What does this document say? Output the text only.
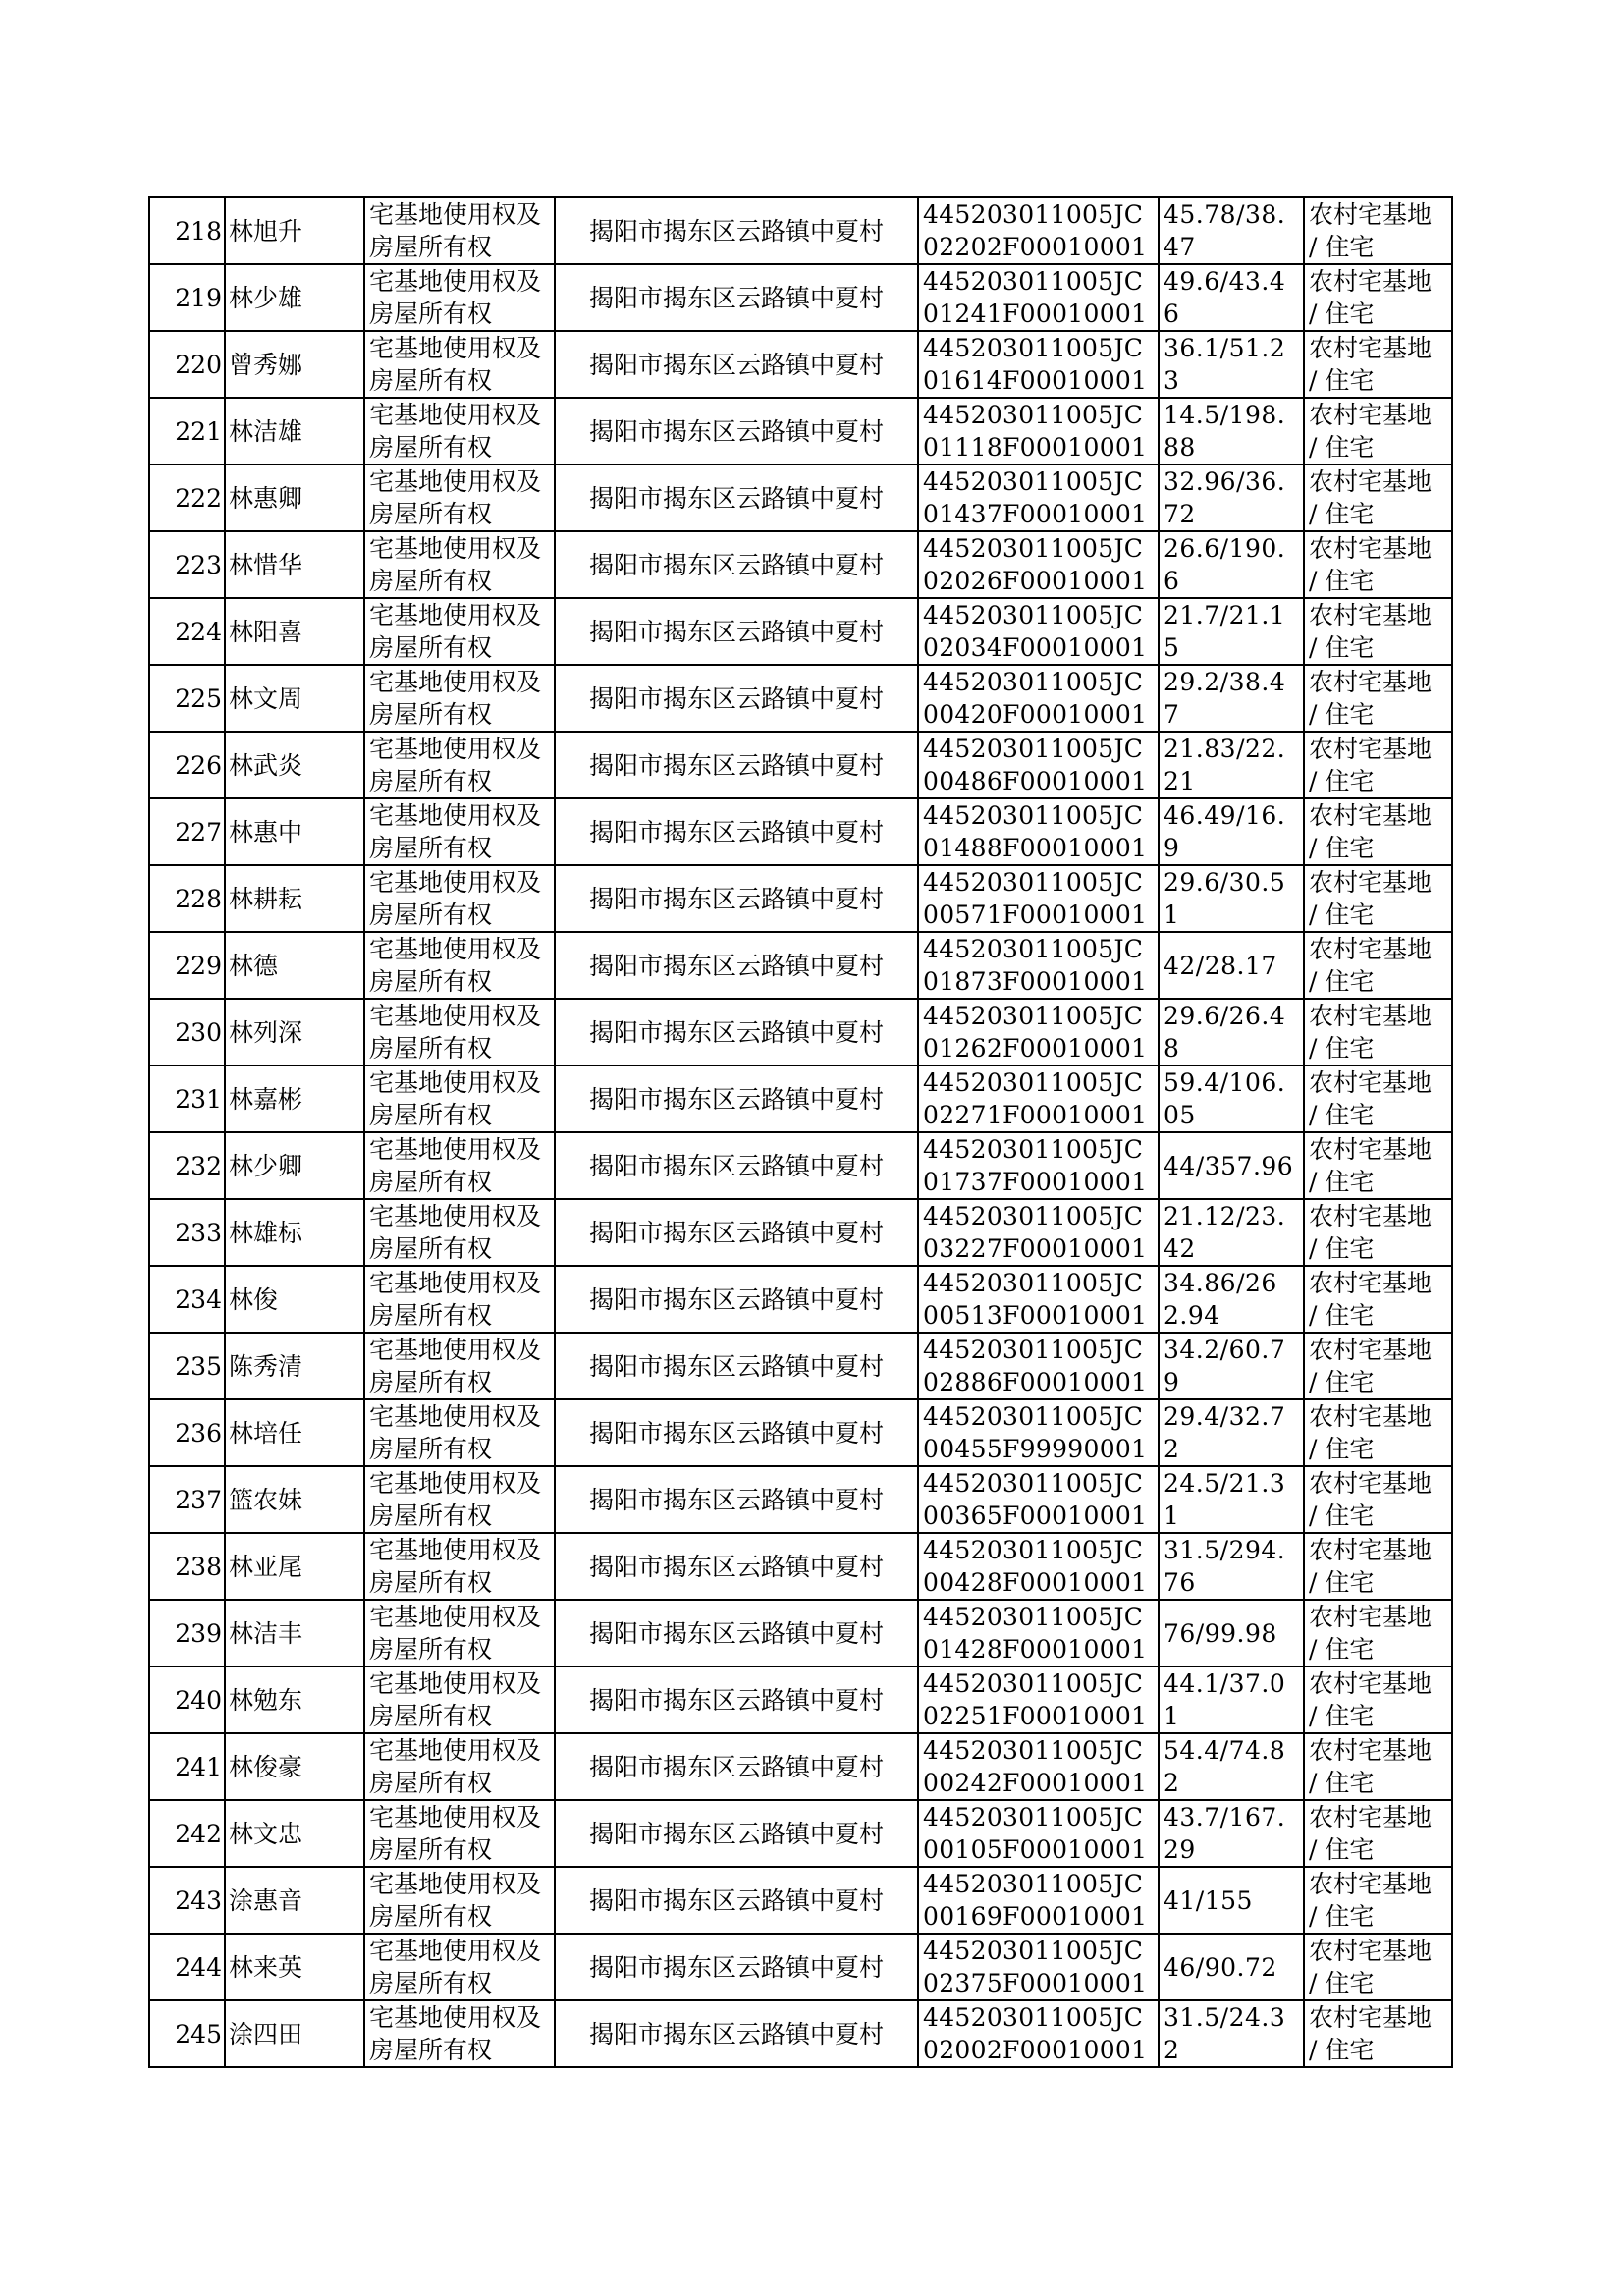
218	林旭升	宅基地使用权及房屋所有权	揭阳市揭东区云路镇中夏村	445203011005JC02202F00010001	45.78/38.47	农村宅基地 / 住宅
219	林少雄	宅基地使用权及房屋所有权	揭阳市揭东区云路镇中夏村	445203011005JC01241F00010001	49.6/43.46	农村宅基地 / 住宅
220	曾秀娜	宅基地使用权及房屋所有权	揭阳市揭东区云路镇中夏村	445203011005JC01614F00010001	36.1/51.23	农村宅基地 / 住宅
221	林洁雄	宅基地使用权及房屋所有权	揭阳市揭东区云路镇中夏村	445203011005JC01118F00010001	14.5/198.88	农村宅基地 / 住宅
222	林惠卿	宅基地使用权及房屋所有权	揭阳市揭东区云路镇中夏村	445203011005JC01437F00010001	32.96/36.72	农村宅基地 / 住宅
223	林惜华	宅基地使用权及房屋所有权	揭阳市揭东区云路镇中夏村	445203011005JC02026F00010001	26.6/190.6	农村宅基地 / 住宅
224	林阳喜	宅基地使用权及房屋所有权	揭阳市揭东区云路镇中夏村	445203011005JC02034F00010001	21.7/21.15	农村宅基地 / 住宅
225	林文周	宅基地使用权及房屋所有权	揭阳市揭东区云路镇中夏村	445203011005JC00420F00010001	29.2/38.47	农村宅基地 / 住宅
226	林武炎	宅基地使用权及房屋所有权	揭阳市揭东区云路镇中夏村	445203011005JC00486F00010001	21.83/22.21	农村宅基地 / 住宅
227	林惠中	宅基地使用权及房屋所有权	揭阳市揭东区云路镇中夏村	445203011005JC01488F00010001	46.49/16.9	农村宅基地 / 住宅
228	林耕耘	宅基地使用权及房屋所有权	揭阳市揭东区云路镇中夏村	445203011005JC00571F00010001	29.6/30.51	农村宅基地 / 住宅
229	林德	宅基地使用权及房屋所有权	揭阳市揭东区云路镇中夏村	445203011005JC01873F00010001	42/28.17	农村宅基地 / 住宅
230	林列深	宅基地使用权及房屋所有权	揭阳市揭东区云路镇中夏村	445203011005JC01262F00010001	29.6/26.48	农村宅基地 / 住宅
231	林嘉彬	宅基地使用权及房屋所有权	揭阳市揭东区云路镇中夏村	445203011005JC02271F00010001	59.4/106.05	农村宅基地 / 住宅
232	林少卿	宅基地使用权及房屋所有权	揭阳市揭东区云路镇中夏村	445203011005JC01737F00010001	44/357.96	农村宅基地 / 住宅
233	林雄标	宅基地使用权及房屋所有权	揭阳市揭东区云路镇中夏村	445203011005JC03227F00010001	21.12/23.42	农村宅基地 / 住宅
234	林俊	宅基地使用权及房屋所有权	揭阳市揭东区云路镇中夏村	445203011005JC00513F00010001	34.86/262.94	农村宅基地 / 住宅
235	陈秀清	宅基地使用权及房屋所有权	揭阳市揭东区云路镇中夏村	445203011005JC02886F00010001	34.2/60.79	农村宅基地 / 住宅
236	林培任	宅基地使用权及房屋所有权	揭阳市揭东区云路镇中夏村	445203011005JC00455F99990001	29.4/32.72	农村宅基地 / 住宅
237	篮农妹	宅基地使用权及房屋所有权	揭阳市揭东区云路镇中夏村	445203011005JC00365F00010001	24.5/21.31	农村宅基地 / 住宅
238	林亚尾	宅基地使用权及房屋所有权	揭阳市揭东区云路镇中夏村	445203011005JC00428F00010001	31.5/294.76	农村宅基地 / 住宅
239	林洁丰	宅基地使用权及房屋所有权	揭阳市揭东区云路镇中夏村	445203011005JC01428F00010001	76/99.98	农村宅基地 / 住宅
240	林勉东	宅基地使用权及房屋所有权	揭阳市揭东区云路镇中夏村	445203011005JC02251F00010001	44.1/37.01	农村宅基地 / 住宅
241	林俊豪	宅基地使用权及房屋所有权	揭阳市揭东区云路镇中夏村	445203011005JC00242F00010001	54.4/74.82	农村宅基地 / 住宅
242	林文忠	宅基地使用权及房屋所有权	揭阳市揭东区云路镇中夏村	445203011005JC00105F00010001	43.7/167.29	农村宅基地 / 住宅
243	涂惠音	宅基地使用权及房屋所有权	揭阳市揭东区云路镇中夏村	445203011005JC00169F00010001	41/155	农村宅基地 / 住宅
244	林来英	宅基地使用权及房屋所有权	揭阳市揭东区云路镇中夏村	445203011005JC02375F00010001	46/90.72	农村宅基地 / 住宅
245	涂四田	宅基地使用权及房屋所有权	揭阳市揭东区云路镇中夏村	445203011005JC02002F00010001	31.5/24.32	农村宅基地 / 住宅
